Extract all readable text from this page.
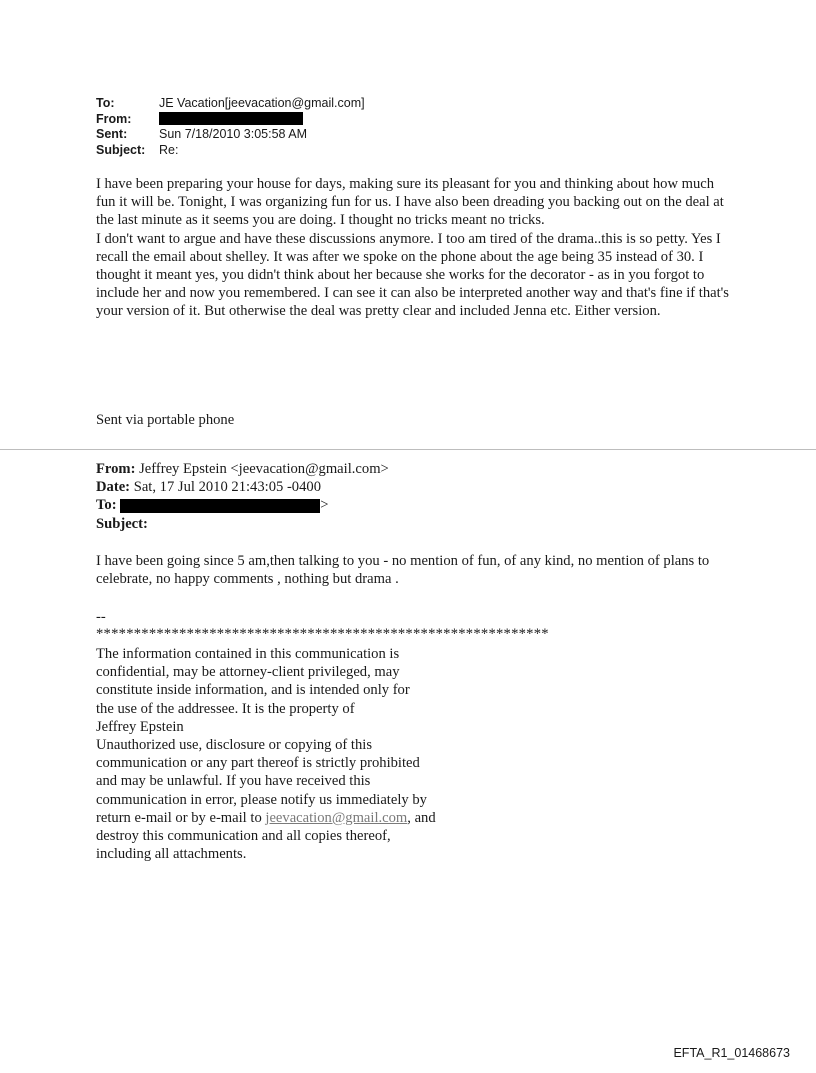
To:	JE Vacation[jeevacation@gmail.com]
From:
Sent:	Sun 7/18/2010 3:05:58 AM
Subject:	Re:

I have been preparing your house for days, making sure its pleasant for you and thinking about how much fun it will be. Tonight, I was organizing fun for us. I have also been dreading you backing out on the deal at the last minute as it seems you are doing. I thought no tricks meant no tricks.

I don't want to argue and have these discussions anymore. I too am tired of the drama..this is so petty. Yes I recall the email about shelley. It was after we spoke on the phone about the age being 35 instead of 30. I thought it meant yes, you didn't think about her because she works for the decorator - as in you forgot to include her and now you remembered. I can see it can also be interpreted another way and that's fine if that's your version of it. But otherwise the deal was pretty clear and included Jenna etc. Either version.

Sent via portable phone
From: Jeffrey Epstein <jeevacation@gmail.com>
Date: Sat, 17 Jul 2010 21:43:05 -0400
To:	>
Subject:
I have been going since 5 am,then talking to you - no mention of fun, of any kind, no mention of plans to celebrate, no happy comments , nothing but drama .
--
************************************************************
The information contained in this communication is
confidential, may be attorney-client privileged, may
constitute inside information, and is intended only for
the use of the addressee. It is the property of
Jeffrey Epstein
Unauthorized use, disclosure or copying of this
communication or any part thereof is strictly prohibited
and may be unlawful. If you have received this
communication in error, please notify us immediately by
return e-mail or by e-mail to jeevacation@gmail.com, and
destroy this communication and all copies thereof,
including all attachments.
EFTA_R1_01468673
